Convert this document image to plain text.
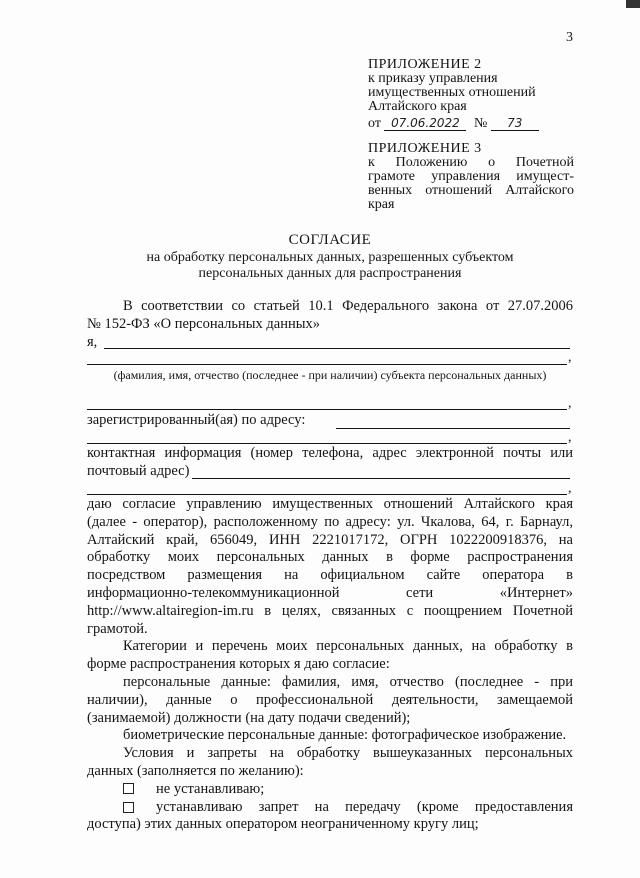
3
ПРИЛОЖЕНИЕ 2
к приказу управления
имущественных отношений
Алтайского края
от 07.06.2022 № 73
ПРИЛОЖЕНИЕ 3
к Положению о Почетной
грамоте управления имущест-
венных отношений Алтайского
края
СОГЛАСИЕ
на обработку персональных данных, разрешенных субъектом
персональных данных для распространения
В соответствии со статьей 10.1 Федерального закона от 27.07.2006
№ 152-ФЗ «О персональных данных»
я,
,
(фамилия, имя, отчество (последнее - при наличии) субъекта персональных данных)
,
зарегистрированный(ая) по адресу:
,
контактная информация (номер телефона, адрес электронной почты или
почтовый адрес)
,
даю согласие управлению имущественных отношений Алтайского края
(далее - оператор), расположенному по адресу: ул. Чкалова, 64, г. Барнаул,
Алтайский край, 656049, ИНН 2221017172, ОГРН 1022200918376, на
обработку моих персональных данных в форме распространения
посредством размещения на официальном сайте оператора в
информационно-телекоммуникационной сети «Интернет»
http://www.altairegion-im.ru в целях, связанных с поощрением Почетной
грамотой.
Категории и перечень моих персональных данных, на обработку в
форме распространения которых я даю согласие:
персональные данные: фамилия, имя, отчество (последнее - при
наличии), данные о профессиональной деятельности, замещаемой
(занимаемой) должности (на дату подачи сведений);
биометрические персональные данные: фотографическое изображение.
Условия и запреты на обработку вышеуказанных персональных
данных (заполняется по желанию):
не устанавливаю;
устанавливаю запрет на передачу (кроме предоставления
доступа) этих данных оператором неограниченному кругу лиц;
